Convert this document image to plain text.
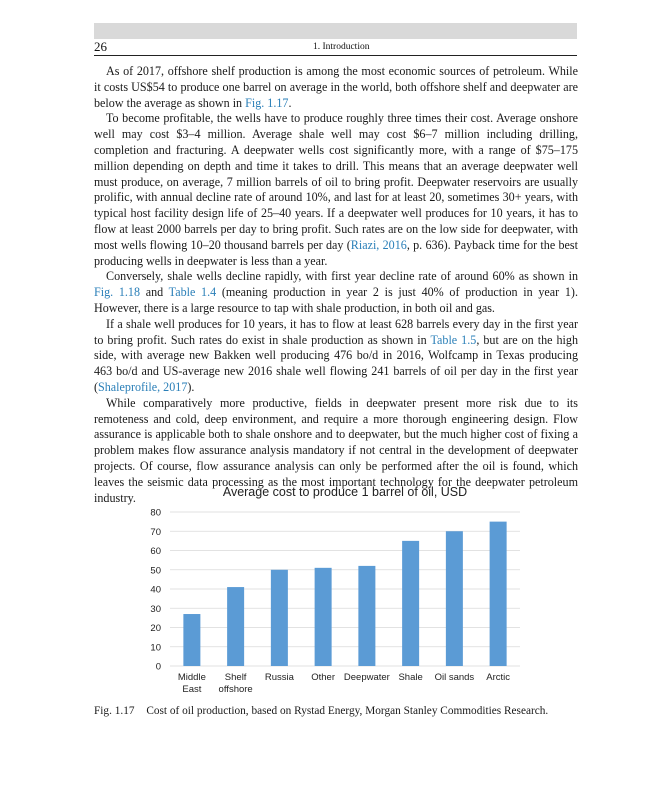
26	1. Introduction

As of 2017, offshore shelf production is among the most economic sources of petroleum. While it costs US$54 to produce one barrel on average in the world, both offshore shelf and deepwater are below the average as shown in Fig. 1.17.

To become profitable, the wells have to produce roughly three times their cost. Average onshore well may cost $3–4 million. Average shale well may cost $6–7 million including drilling, completion and fracturing. A deepwater wells cost significantly more, with a range of $75–175 million depending on depth and time it takes to drill. This means that an average deepwater well must produce, on average, 7 million barrels of oil to bring profit. Deepwater reservoirs are usually prolific, with annual decline rate of around 10%, and last for at least 20, sometimes 30+ years, with typical host facility design life of 25–40 years. If a deepwater well produces for 10 years, it has to flow at least 2000 barrels per day to bring profit. Such rates are on the low side for deepwater, with most wells flowing 10–20 thousand barrels per day (Riazi, 2016, p. 636). Payback time for the best producing wells in deepwater is less than a year.

Conversely, shale wells decline rapidly, with first year decline rate of around 60% as shown in Fig. 1.18 and Table 1.4 (meaning production in year 2 is just 40% of production in year 1). However, there is a large resource to tap with shale production, in both oil and gas.

If a shale well produces for 10 years, it has to flow at least 628 barrels every day in the first year to bring profit. Such rates do exist in shale production as shown in Table 1.5, but are on the high side, with average new Bakken well producing 476 bo/d in 2016, Wolfcamp in Texas producing 463 bo/d and US-average new 2016 shale well flowing 241 barrels of oil per day in the first year (Shaleprofile, 2017).

While comparatively more productive, fields in deepwater present more risk due to its remoteness and cold, deep environment, and require a more thorough engineering design. Flow assurance is applicable both to shale onshore and to deepwater, but the much higher cost of fixing a problem makes flow assurance analysis mandatory if not central in the development of deepwater projects. Of course, flow assurance analysis can only be performed after the oil is found, which leaves the seismic data processing as the most important technology for the deepwater petroleum industry.	Average cost to produce 1 barrel of oil, USD
0
10
20
30
40
50
60
70
80
Middle
East
Shelf
offshore
Russia Other Deepwater Shale Oil sands Arctic
Fig. 1.17 Cost of oil production, based on Rystad Energy, Morgan Stanley Commodities Research.
